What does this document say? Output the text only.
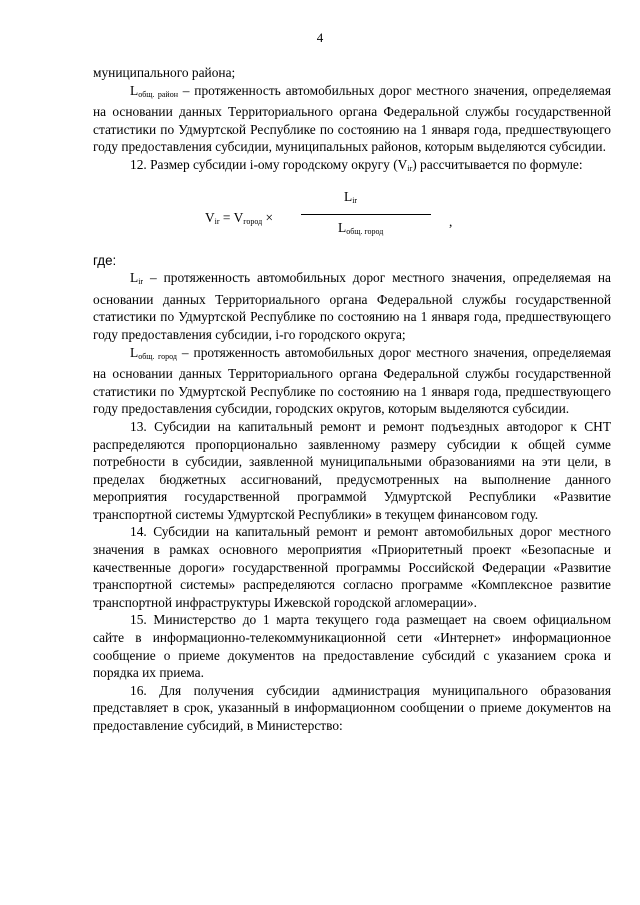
4

муниципального района;

$L_{общ. район}$ – протяженность автомобильных дорог местного значения, определяемая на основании данных Территориального органа Федеральной службы государственной статистики по Удмуртской Республике по состоянию на 1 января года, предшествующего году предоставления субсидии, муниципальных районов, которым выделяются субсидии.

12. Размер субсидии i-ому городскому округу $(V_{ir})$ рассчитывается по формуле:

$V_{ir} = V_{город}$ ×
$L_{ir}$
$L_{общ. город}$
,

где:

$L_{ir}$ – протяженность автомобильных дорог местного значения, определяемая на основании данных Территориального органа Федеральной службы государственной статистики по Удмуртской Республике по состоянию на 1 января года, предшествующего году предоставления субсидии, i-го городского округа;

$L_{общ. город}$ – протяженность автомобильных дорог местного значения, определяемая на основании данных Территориального органа Федеральной службы государственной статистики по Удмуртской Республике по состоянию на 1 января года, предшествующего году предоставления субсидии, городских округов, которым выделяются субсидии.

13. Субсидии на капитальный ремонт и ремонт подъездных автодорог к СНТ распределяются пропорционально заявленному размеру субсидии к общей сумме потребности в субсидии, заявленной муниципальными образованиями на эти цели, в пределах бюджетных ассигнований, предусмотренных на выполнение данного мероприятия государственной программой Удмуртской Республики «Развитие транспортной системы Удмуртской Республики» в текущем финансовом году.

14. Субсидии на капитальный ремонт и ремонт автомобильных дорог местного значения в рамках основного мероприятия «Приоритетный проект «Безопасные и качественные дороги» государственной программы Российской Федерации «Развитие транспортной системы» распределяются согласно программе «Комплексное развитие транспортной инфраструктуры Ижевской городской агломерации».

15. Министерство до 1 марта текущего года размещает на своем официальном сайте в информационно-телекоммуникационной сети «Интернет» информационное сообщение о приеме документов на предоставление субсидий с указанием срока и порядка их приема.

16. Для получения субсидии администрация муниципального образования представляет в срок, указанный в информационном сообщении о приеме документов на предоставление субсидий, в Министерство:
